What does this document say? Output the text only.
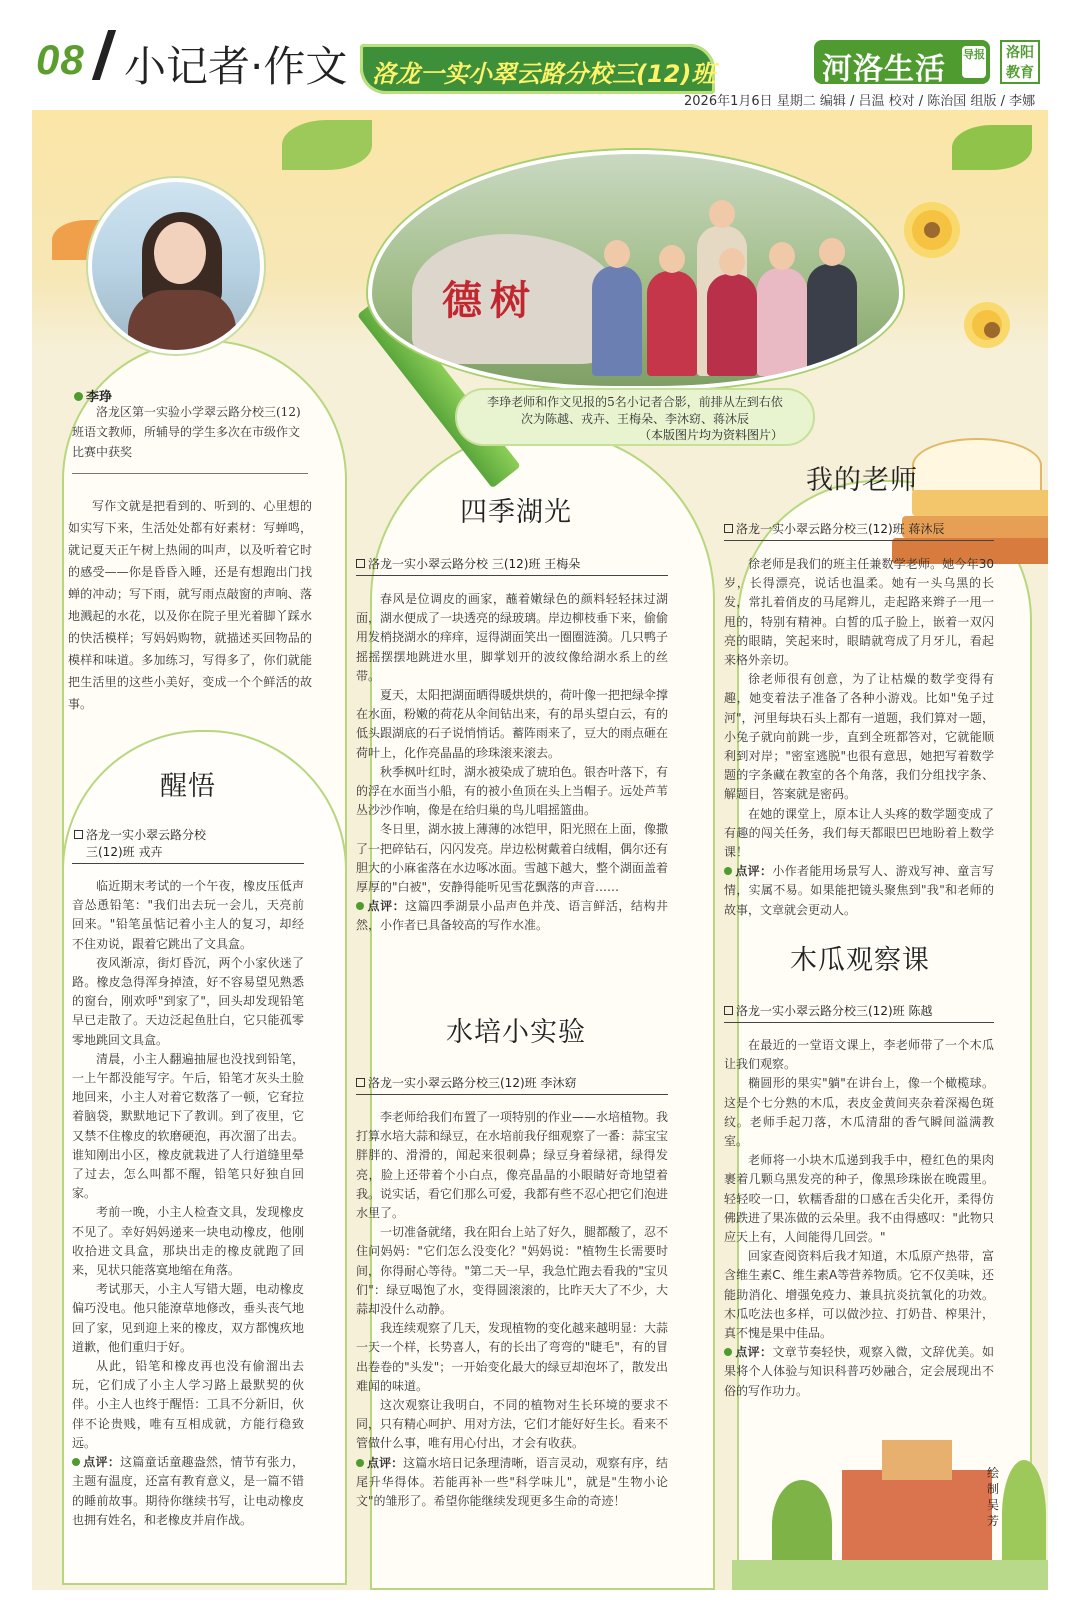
08 小记者·作文 洛龙一实小翠云路分校三(12)班	河洛生活 导报	洛阳教育
2026年1月6日 星期二 编辑 / 吕温 校对 / 陈治国 组版 / 李娜
李琤
洛龙区第一实验小学翠云路分校三(12)班语文教师，所辅导的学生多次在市级作文比赛中获奖
写作文就是把看到的、听到的、心里想的如实写下来，生活处处都有好素材：写蝉鸣，就记夏天正午树上热闹的叫声，以及听着它时的感受——你是昏昏入睡，还是有想跑出门找蝉的冲动；写下雨，就写雨点敲窗的声响、落地溅起的水花，以及你在院子里光着脚丫踩水的快活模样；写妈妈购物，就描述买回物品的模样和味道。多加练习，写得多了，你们就能把生活里的这些小美好，变成一个个鲜活的故事。
德树

李琤老师和作文见报的5名小记者合影，前排从左到右依次为陈越、戎卉、王梅朵、李沐窈、蒋沐辰

（本版图片均为资料图片）
醒悟
洛龙一实小翠云路分校
三(12)班 戎卉

临近期末考试的一个午夜，橡皮压低声音怂恿铅笔："我们出去玩一会儿，天亮前回来。"铅笔虽惦记着小主人的复习，却经不住劝说，跟着它跳出了文具盒。

夜风渐凉，街灯昏沉，两个小家伙迷了路。橡皮急得浑身掉渣，好不容易望见熟悉的窗台，刚欢呼"到家了"，回头却发现铅笔早已走散了。天边泛起鱼肚白，它只能孤零零地跳回文具盒。

清晨，小主人翻遍抽屉也没找到铅笔，一上午都没能写字。午后，铅笔才灰头土脸地回来，小主人对着它数落了一顿，它耷拉着脑袋，默默地记下了教训。到了夜里，它又禁不住橡皮的软磨硬泡，再次溜了出去。谁知刚出小区，橡皮就栽进了人行道缝里晕了过去，怎么叫都不醒，铅笔只好独自回家。

考前一晚，小主人检查文具，发现橡皮不见了。幸好妈妈递来一块电动橡皮，他刚收拾进文具盒，那块出走的橡皮就跑了回来，见状只能落寞地缩在角落。

考试那天，小主人写错大题，电动橡皮偏巧没电。他只能潦草地修改，垂头丧气地回了家，见到迎上来的橡皮，双方都愧疚地道歉，他们重归于好。

从此，铅笔和橡皮再也没有偷溜出去玩，它们成了小主人学习路上最默契的伙伴。小主人也终于醒悟：工具不分新旧，伙伴不论贵贱，唯有互相成就，方能行稳致远。

点评：这篇童话童趣盎然，情节有张力，主题有温度，还富有教育意义，是一篇不错的睡前故事。期待你继续书写，让电动橡皮也拥有姓名，和老橡皮并肩作战。
四季湖光
洛龙一实小翠云路分校 三(12)班 王梅朵

春风是位调皮的画家，蘸着嫩绿色的颜料轻轻抹过湖面，湖水便成了一块透亮的绿玻璃。岸边柳枝垂下来，偷偷用发梢挠湖水的痒痒，逗得湖面笑出一圈圈涟漪。几只鸭子摇摇摆摆地跳进水里，脚掌划开的波纹像给湖水系上的丝带。

夏天，太阳把湖面晒得暖烘烘的，荷叶像一把把绿伞撑在水面，粉嫩的荷花从伞间钻出来，有的昂头望白云，有的低头跟湖底的石子说悄悄话。蓄阵雨来了，豆大的雨点砸在荷叶上，化作亮晶晶的珍珠滚来滚去。

秋季枫叶红时，湖水被染成了琥珀色。银杏叶落下，有的浮在水面当小船，有的被小鱼顶在头上当帽子。远处芦苇丛沙沙作响，像是在给归巢的鸟儿唱摇篮曲。

冬日里，湖水披上薄薄的冰铠甲，阳光照在上面，像撒了一把碎钻石，闪闪发亮。岸边松树戴着白绒帽，偶尔还有胆大的小麻雀落在水边啄冰面。雪越下越大，整个湖面盖着厚厚的"白被"，安静得能听见雪花飘落的声音……

点评：这篇四季湖景小品声色并茂、语言鲜活，结构井然，小作者已具备较高的写作水准。
水培小实验
洛龙一实小翠云路分校三(12)班 李沐窈

李老师给我们布置了一项特别的作业——水培植物。我打算水培大蒜和绿豆，在水培前我仔细观察了一番：蒜宝宝胖胖的、滑滑的，闻起来很刺鼻；绿豆身着绿裙，绿得发亮，脸上还带着个小白点，像亮晶晶的小眼睛好奇地望着我。说实话，看它们那么可爱，我都有些不忍心把它们泡进水里了。

一切准备就绪，我在阳台上站了好久，腿都酸了，忍不住问妈妈："它们怎么没变化？"妈妈说："植物生长需要时间，你得耐心等待。"第二天一早，我急忙跑去看我的"宝贝们"：绿豆喝饱了水，变得圆滚滚的，比昨天大了不少，大蒜却没什么动静。

我连续观察了几天，发现植物的变化越来越明显：大蒜一天一个样，长势喜人，有的长出了弯弯的"睫毛"，有的冒出卷卷的"头发"；一开始变化最大的绿豆却泡坏了，散发出难闻的味道。

这次观察让我明白，不同的植物对生长环境的要求不同，只有精心呵护、用对方法，它们才能好好生长。看来不管做什么事，唯有用心付出，才会有收获。

点评：这篇水培日记条理清晰，语言灵动，观察有序，结尾升华得体。若能再补一些"科学味儿"，就是"生物小论文"的雏形了。希望你能继续发现更多生命的奇迹！
我的老师
洛龙一实小翠云路分校三(12)班 蒋沐辰

徐老师是我们的班主任兼数学老师。她今年30岁，长得漂亮，说话也温柔。她有一头乌黑的长发，常扎着俏皮的马尾辫儿，走起路来辫子一甩一甩的，特别有精神。白皙的瓜子脸上，嵌着一双闪亮的眼睛，笑起来时，眼睛就弯成了月牙儿，看起来格外亲切。

徐老师很有创意，为了让枯燥的数学变得有趣，她变着法子准备了各种小游戏。比如"兔子过河"，河里每块石头上都有一道题，我们算对一题，小兔子就向前跳一步，直到全班都答对，它就能顺利到对岸；"密室逃脱"也很有意思，她把写着数学题的字条藏在教室的各个角落，我们分组找字条、解题目，答案就是密码。

在她的课堂上，原本让人头疼的数学题变成了有趣的闯关任务，我们每天都眼巴巴地盼着上数学课！

点评：小作者能用场景写人、游戏写神、童言写情，实属不易。如果能把镜头聚焦到"我"和老师的故事，文章就会更动人。
木瓜观察课
洛龙一实小翠云路分校三(12)班 陈越

在最近的一堂语文课上，李老师带了一个木瓜让我们观察。

椭圆形的果实"躺"在讲台上，像一个橄榄球。这是个七分熟的木瓜，表皮金黄间夹杂着深褐色斑纹。老师手起刀落，木瓜清甜的香气瞬间溢满教室。

老师将一小块木瓜递到我手中，橙红色的果肉裹着几颗乌黑发亮的种子，像黑珍珠嵌在晚霞里。轻轻咬一口，软糯香甜的口感在舌尖化开，柔得仿佛跌进了果冻做的云朵里。我不由得感叹："此物只应天上有，人间能得几回尝。"

回家查阅资料后我才知道，木瓜原产热带，富含维生素C、维生素A等营养物质。它不仅美味，还能助消化、增强免疫力、兼具抗炎抗氧化的功效。木瓜吃法也多样，可以做沙拉、打奶昔、榨果汁，真不愧是果中佳品。

点评：文章节奏轻快，观察入微，文辞优美。如果将个人体验与知识科普巧妙融合，定会展现出不俗的写作功力。
绘制 吴芳
